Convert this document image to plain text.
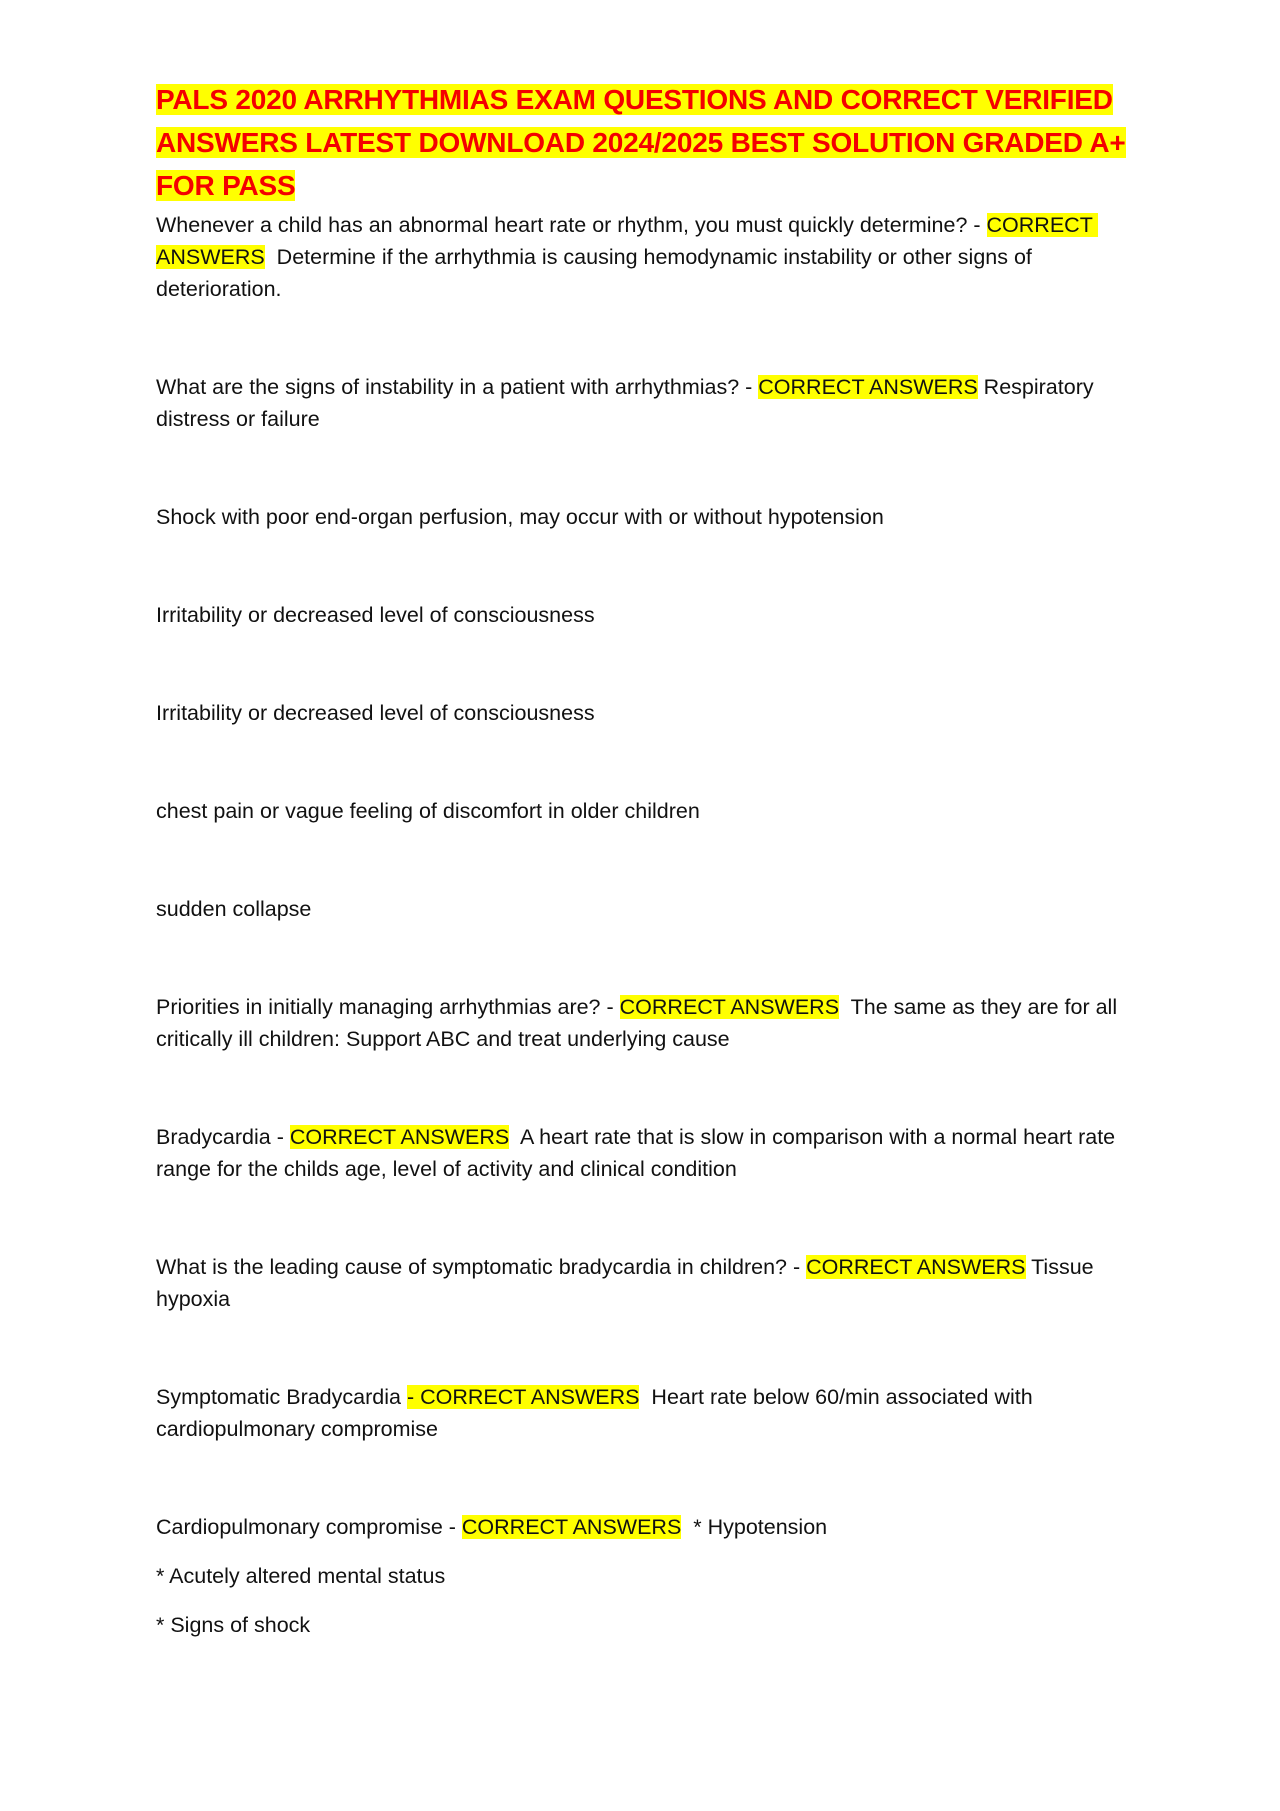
PALS 2020 ARRHYTHMIAS EXAM QUESTIONS AND CORRECT VERIFIED ANSWERS LATEST DOWNLOAD 2024/2025 BEST SOLUTION GRADED A+ FOR PASS

Whenever a child has an abnormal heart rate or rhythm, you must quickly determine? - CORRECT ANSWERS  Determine if the arrhythmia is causing hemodynamic instability or other signs of deterioration.

What are the signs of instability in a patient with arrhythmias? - CORRECT ANSWERS Respiratory distress or failure

Shock with poor end-organ perfusion, may occur with or without hypotension

Irritability or decreased level of consciousness

Irritability or decreased level of consciousness

chest pain or vague feeling of discomfort in older children

sudden collapse

Priorities in initially managing arrhythmias are? - CORRECT ANSWERS  The same as they are for all critically ill children: Support ABC and treat underlying cause

Bradycardia - CORRECT ANSWERS  A heart rate that is slow in comparison with a normal heart rate range for the childs age, level of activity and clinical condition

What is the leading cause of symptomatic bradycardia in children? - CORRECT ANSWERS Tissue hypoxia

Symptomatic Bradycardia - CORRECT ANSWERS  Heart rate below 60/min associated with cardiopulmonary compromise

Cardiopulmonary compromise - CORRECT ANSWERS  * Hypotension

* Acutely altered mental status

* Signs of shock
